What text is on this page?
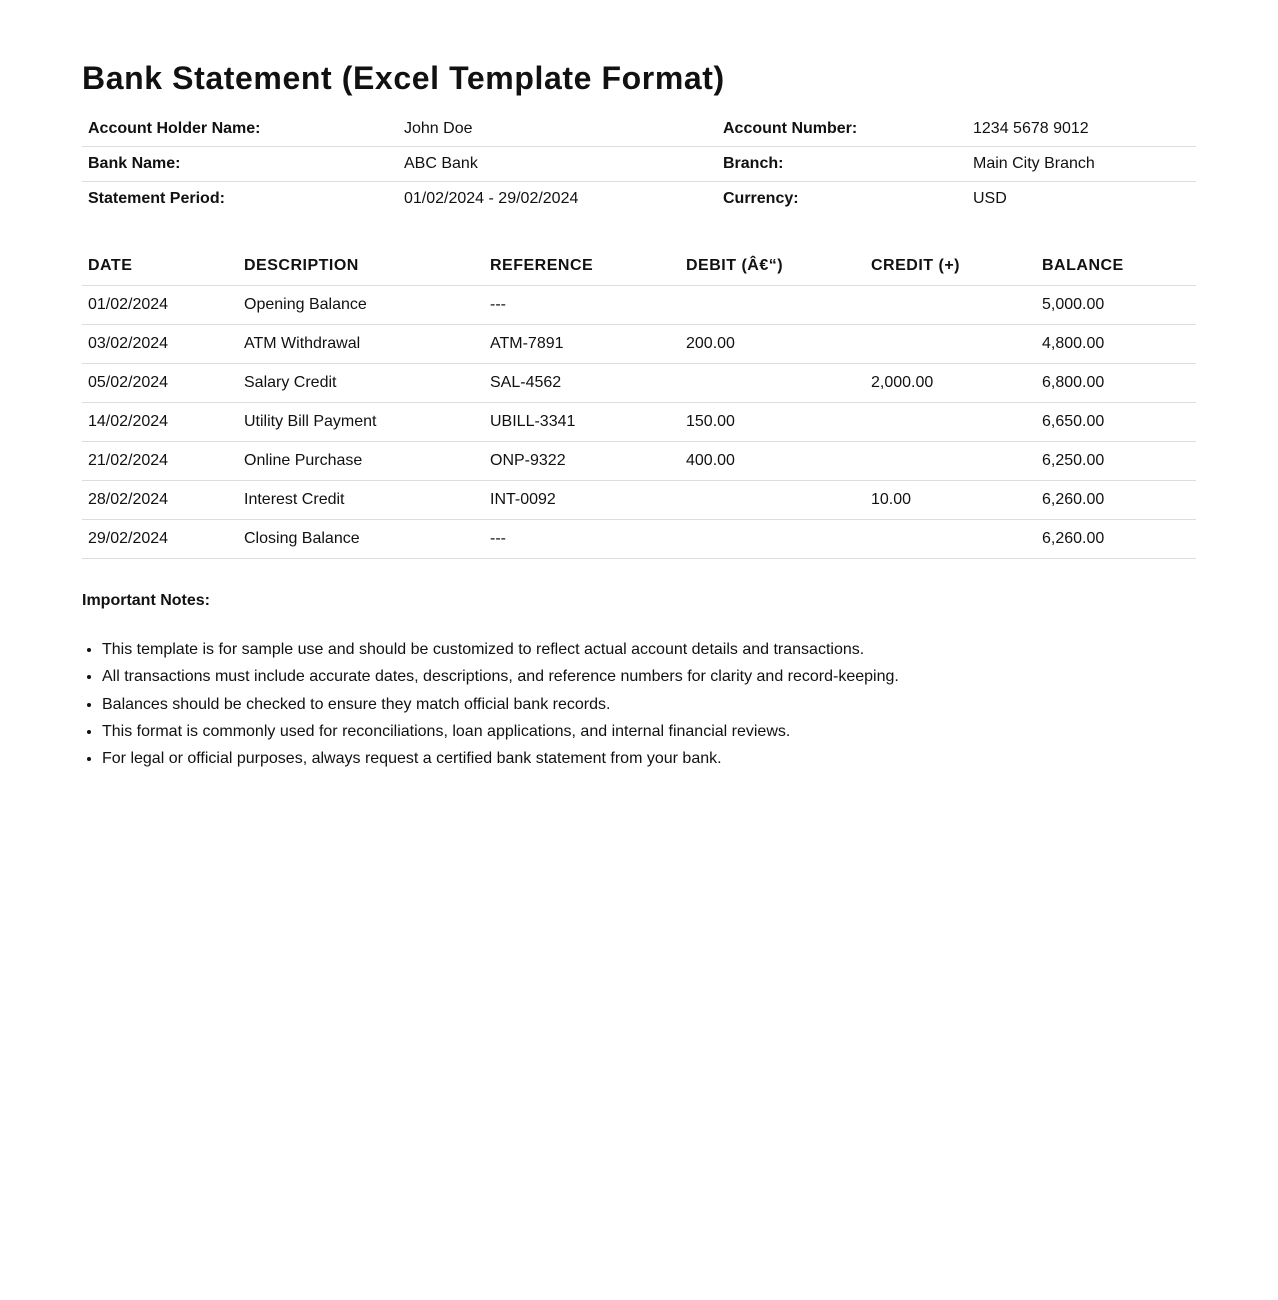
Bank Statement (Excel Template Format)
Account Holder Name:	John Doe	Account Number:	1234 5678 9012
Bank Name:	ABC Bank	Branch:	Main City Branch
Statement Period:	01/02/2024 - 29/02/2024	Currency:	USD
DATE	DESCRIPTION	REFERENCE	DEBIT (Â€“)	CREDIT (+)	BALANCE
01/02/2024	Opening Balance	---			5,000.00
03/02/2024	ATM Withdrawal	ATM-7891	200.00		4,800.00
05/02/2024	Salary Credit	SAL-4562		2,000.00	6,800.00
14/02/2024	Utility Bill Payment	UBILL-3341	150.00		6,650.00
21/02/2024	Online Purchase	ONP-9322	400.00		6,250.00
28/02/2024	Interest Credit	INT-0092		10.00	6,260.00
29/02/2024	Closing Balance	---			6,260.00
Important Notes:
• This template is for sample use and should be customized to reflect actual account details and transactions.
• All transactions must include accurate dates, descriptions, and reference numbers for clarity and record-keeping.
• Balances should be checked to ensure they match official bank records.
• This format is commonly used for reconciliations, loan applications, and internal financial reviews.
• For legal or official purposes, always request a certified bank statement from your bank.
